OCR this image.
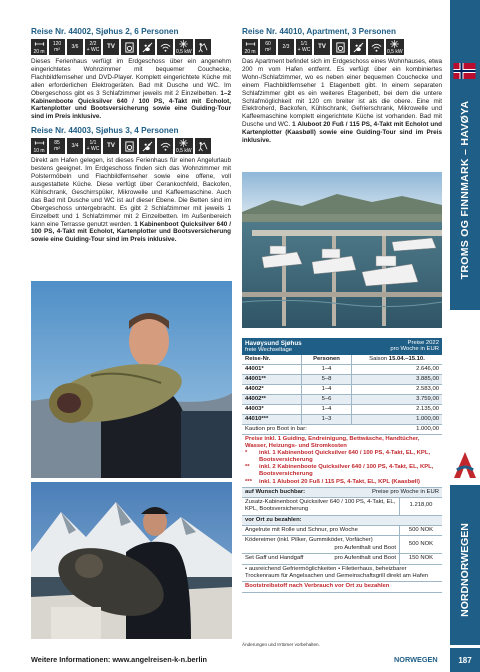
Reise Nr. 44002, Sjøhus 2, 6 Personen
20 m
120
m²	3/6	2/2
+ WC	TV
0,5 kW

Dieses Ferienhaus verfügt im Erdgeschoss über ein angenehm eingerichtetes Wohnzimmer mit bequemer Couchecke, Flachbildfernseher und DVD-Player. Komplett eingerichtete Küche mit allen erforderlichen Elektrogeräten. Bad mit Dusche und WC. Im Obergeschoss gibt es 3 Schlafzimmer jeweils mit 2 Einzelbetten. 1–2 Kabinenboote Quicksilver 640 / 100 PS, 4-Takt mit Echolot, Kartenplotter und Bootsversicherung sowie eine Guiding-Tour sind im Preis inklusive.

Reise Nr. 44003, Sjøhus 3, 4 Personen
10 m
85
m²	3/4	1/1
+ WC	TV
0,5 kW

Direkt am Hafen gelegen, ist dieses Ferienhaus für einen Angelurlaub bestens geeignet. Im Erdgeschoss finden sich das Wohnzimmer mit Polstermöbeln und Flachbildfernseher sowie eine offene, voll ausgestattete Küche. Diese verfügt über Cerankochfeld, Backofen, Kühlschrank, Geschirrspüler, Mikrowelle und Kaffeemaschine. Auch das Bad mit Dusche und WC ist auf dieser Ebene. Die Betten sind im Obergeschoss untergebracht. Es gibt 2 Schlafzimmer mit jeweils 1 Einzelbett und 1 Schlafzimmer mit 2 Einzelbetten. Im Außenbereich kann eine Terrasse genutzt werden. 1 Kabinenboot Quicksilver 640 / 100 PS, 4-Takt mit Echolot, Kartenplotter und Bootsversicherung sowie eine Guiding-Tour sind im Preis inklusive.

Reise Nr. 44010, Apartment, 3 Personen
20 m
60
m²	2/3	1/1
+ WC	TV
0,5 kW

Das Apartment befindet sich im Erdgeschoss eines Wohnhauses, etwa 200 m vom Hafen entfernt. Es verfügt über ein kombiniertes Wohn-/Schlafzimmer, wo es neben einer bequemen Couchecke und einem Flachbildfernseher 1 Etagenbett gibt. In einem separaten Schlafzimmer gibt es ein weiteres Etagenbett, bei dem die untere Schlafmöglichkeit mit 120 cm breiter ist als die obere. Eine mit Elektroherd, Backofen, Kühlschrank, Gefrierschrank, Mikrowelle und Kaffeemaschine komplett eingerichtete Küche ist vorhanden. Bad mit Dusche und WC. 1 Aluboot 20 Fuß / 115 PS, 4-Takt mit Echolot und Kartenplotter (Kaasbøll) sowie eine Guiding-Tour sind im Preis inklusive.	TROMS OG FINNMARK – HAVØYA
NORDNORWEGEN
Havøysund Sjøhus
freie Wechseltage
Preise 2022
pro Woche in EUR
Reise-Nr.	Personen	Saison 15.04.–15.10.
44001*	1–4	2.646,00
44001**	5–8	3.885,00
44002*	1–4	2.583,00
44002**	5–6	3.759,00
44003*	1–4	2.135,00
44010***	1–3	1.000,00
Kaution pro Boot in bar:	1.000,00
Preise inkl. 1 Guiding, Endreinigung, Bettwäsche, Handtücher, Wasser, Heizungs- und Stromkosten
* inkl. 1 Kabinenboot Quicksilver 640 / 100 PS, 4-Takt, EL, KPL, Bootsversicherung
** inkl. 2 Kabinenboote Quicksilver 640 / 100 PS, 4-Takt, EL, KPL, Bootsversicherung
*** inkl. 1 Aluboot 20 Fuß / 115 PS, 4-Takt, EL, KPL (Kaasbøll)
auf Wunsch buchbar:	Preise pro Woche in EUR
Zusatz-Kabinenboot Quicksilver 640 / 100 PS, 4-Takt, EL, KPL, Bootsversicherung
1.218,00
vor Ort zu bezahlen:
Angelrute mit Rolle und Schnur, pro Woche	500 NOK
Ködereimer (inkl. Pilker, Gummiköder, Vorfächer)
pro Aufenthalt und Boot
500 NOK
Set Gaff und Handgaff	pro Aufenthalt und Boot	150 NOK
• ausreichend Gefriermöglichkeiten • Filetierhaus, beheizbarer Trockenraum für Angelsachen und Gemeinschaftsgrill direkt am Hafen
Bootstreibstoff nach Verbrauch vor Ort zu bezahlen
Änderungen und Irrtümer vorbehalten.
Weitere Informationen: www.angelreisen-k-n.berlin	NORWEGEN	187
